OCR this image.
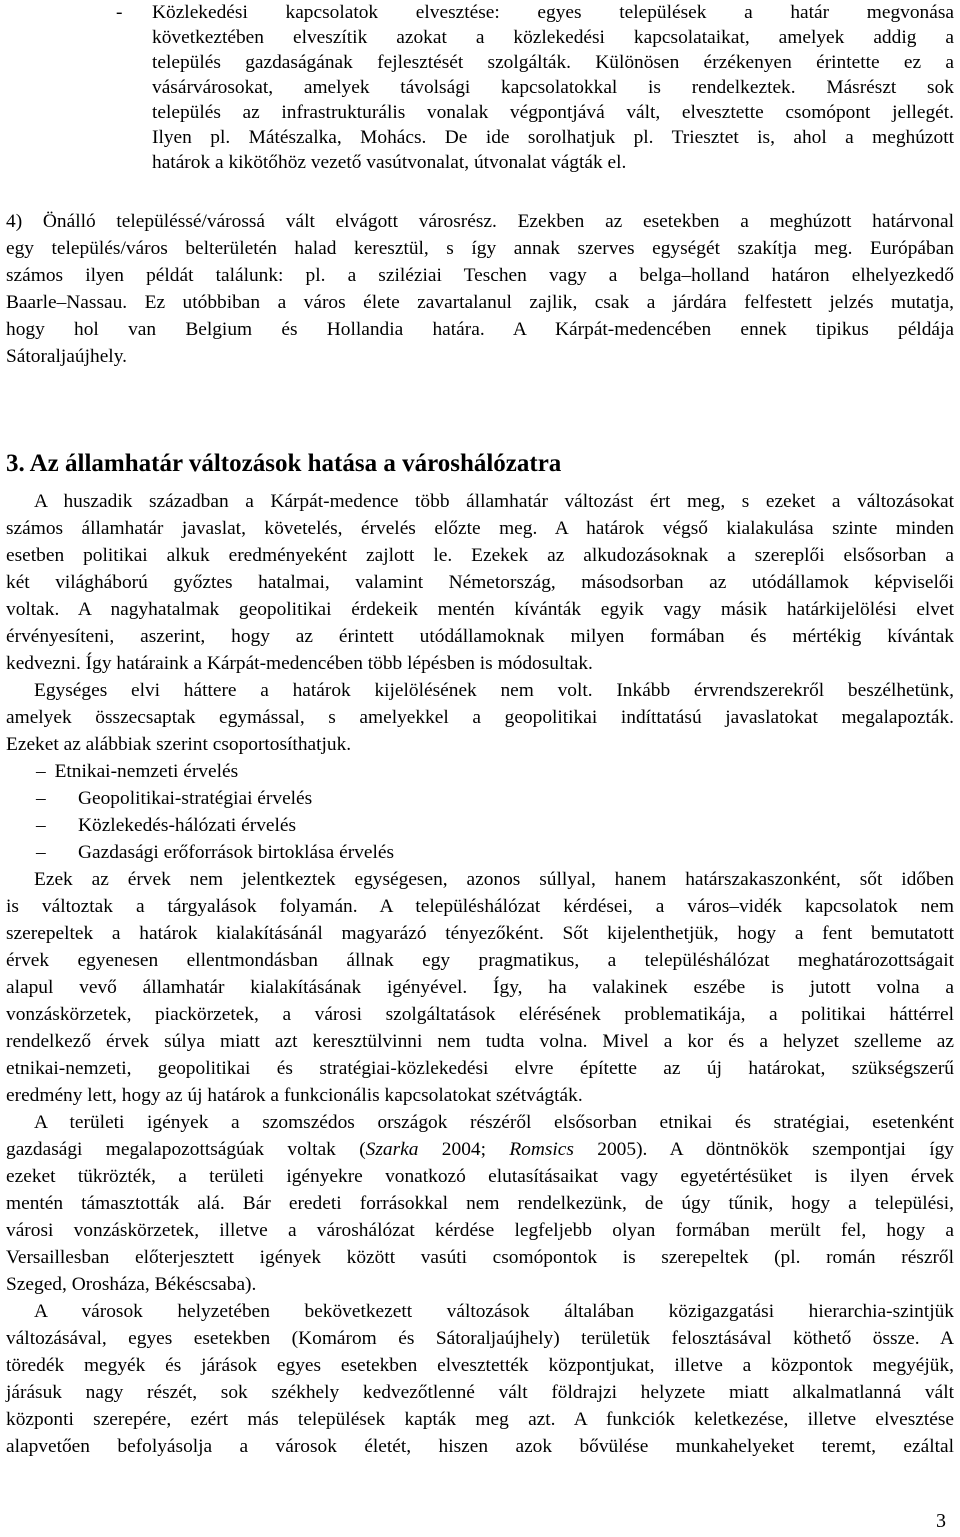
- Közlekedési kapcsolatok elvesztése: egyes települések a határ megvonása
következtében elveszítik azokat a közlekedési kapcsolataikat, amelyek addig a
település gazdaságának fejlesztését szolgálták. Különösen érzékenyen érintette ez a
vásárvárosokat, amelyek távolsági kapcsolatokkal is rendelkeztek. Másrészt sok
település az infrastrukturális vonalak végpontjává vált, elvesztette csomópont jellegét.
Ilyen pl. Mátészalka, Mohács. De ide sorolhatjuk pl. Triesztet is, ahol a meghúzott
határok a kikötőhöz vezető vasútvonalat, útvonalat vágták el.
4) Önálló településsé/várossá vált elvágott városrész. Ezekben az esetekben a meghúzott határvonal
egy település/város belterületén halad keresztül, s így annak szerves egységét szakítja meg. Európában
számos ilyen példát találunk: pl. a sziléziai Teschen vagy a belga–holland határon elhelyezkedő
Baarle–Nassau. Ez utóbbiban a város élete zavartalanul zajlik, csak a járdára felfestett jelzés mutatja,
hogy hol van Belgium és Hollandia határa. A Kárpát-medencében ennek tipikus példája
Sátoraljaújhely.
3. Az államhatár változások hatása a városhálózatra
A huszadik században a Kárpát-medence több államhatár változást ért meg, s ezeket a változásokat
számos államhatár javaslat, követelés, érvelés előzte meg. A határok végső kialakulása szinte minden
esetben politikai alkuk eredményeként zajlott le. Ezekek az alkudozásoknak a szereplői elsősorban a
két világháború győztes hatalmai, valamint Németország, másodsorban az utódállamok képviselői
voltak. A nagyhatalmak geopolitikai érdekeik mentén kívánták egyik vagy másik határkijelölési elvet
érvényesíteni, aszerint, hogy az érintett utódállamoknak milyen formában és mértékig kívántak
kedvezni. Így határaink a Kárpát-medencében több lépésben is módosultak.
Egységes elvi háttere a határok kijelölésének nem volt. Inkább érvrendszerekről beszélhetünk,
amelyek összecsaptak egymással, s amelyekkel a geopolitikai indíttatású javaslatokat megalapozták.
Ezeket az alábbiak szerint csoportosíthatjuk.
– Etnikai-nemzeti érvelés
– Geopolitikai-stratégiai érvelés
– Közlekedés-hálózati érvelés
– Gazdasági erőforrások birtoklása érvelés
Ezek az érvek nem jelentkeztek egységesen, azonos súllyal, hanem határszakaszonként, sőt időben
is változtak a tárgyalások folyamán. A településhálózat kérdései, a város–vidék kapcsolatok nem
szerepeltek a határok kialakításánál magyarázó tényezőként. Sőt kijelenthetjük, hogy a fent bemutatott
érvek egyenesen ellentmondásban állnak egy pragmatikus, a településhálózat meghatározottságait
alapul vevő államhatár kialakításának igényével. Így, ha valakinek eszébe is jutott volna a
vonzáskörzetek, piackörzetek, a városi szolgáltatások elérésének problematikája, a politikai háttérrel
rendelkező érvek súlya miatt azt keresztülvinni nem tudta volna. Mivel a kor és a helyzet szelleme az
etnikai-nemzeti, geopolitikai és stratégiai-közlekedési elvre építette az új határokat, szükségszerű
eredmény lett, hogy az új határok a funkcionális kapcsolatokat szétvágták.
A területi igények a szomszédos országok részéről elsősorban etnikai és stratégiai, esetenként
gazdasági megalapozottságúak voltak (Szarka 2004; Romsics 2005). A döntnökök szempontjai így
ezeket tükrözték, a területi igényekre vonatkozó elutasításaikat vagy egyetértésüket is ilyen érvek
mentén támasztották alá. Bár eredeti forrásokkal nem rendelkezünk, de úgy tűnik, hogy a települési,
városi vonzáskörzetek, illetve a városhálózat kérdése legfeljebb olyan formában merült fel, hogy a
Versaillesban előterjesztett igények között vasúti csomópontok is szerepeltek (pl. román részről
Szeged, Orosháza, Békéscsaba).
A városok helyzetében bekövetkezett változások általában közigazgatási hierarchia-szintjük
változásával, egyes esetekben (Komárom és Sátoraljaújhely) területük felosztásával köthető össze. A
töredék megyék és járások egyes esetekben elvesztették központjukat, illetve a központok megyéjük,
járásuk nagy részét, sok székhely kedvezőtlenné vált földrajzi helyzete miatt alkalmatlanná vált
központi szerepére, ezért más települések kapták meg azt. A funkciók keletkezése, illetve elvesztése
alapvetően befolyásolja a városok életét, hiszen azok bővülése munkahelyeket teremt, ezáltal
3
